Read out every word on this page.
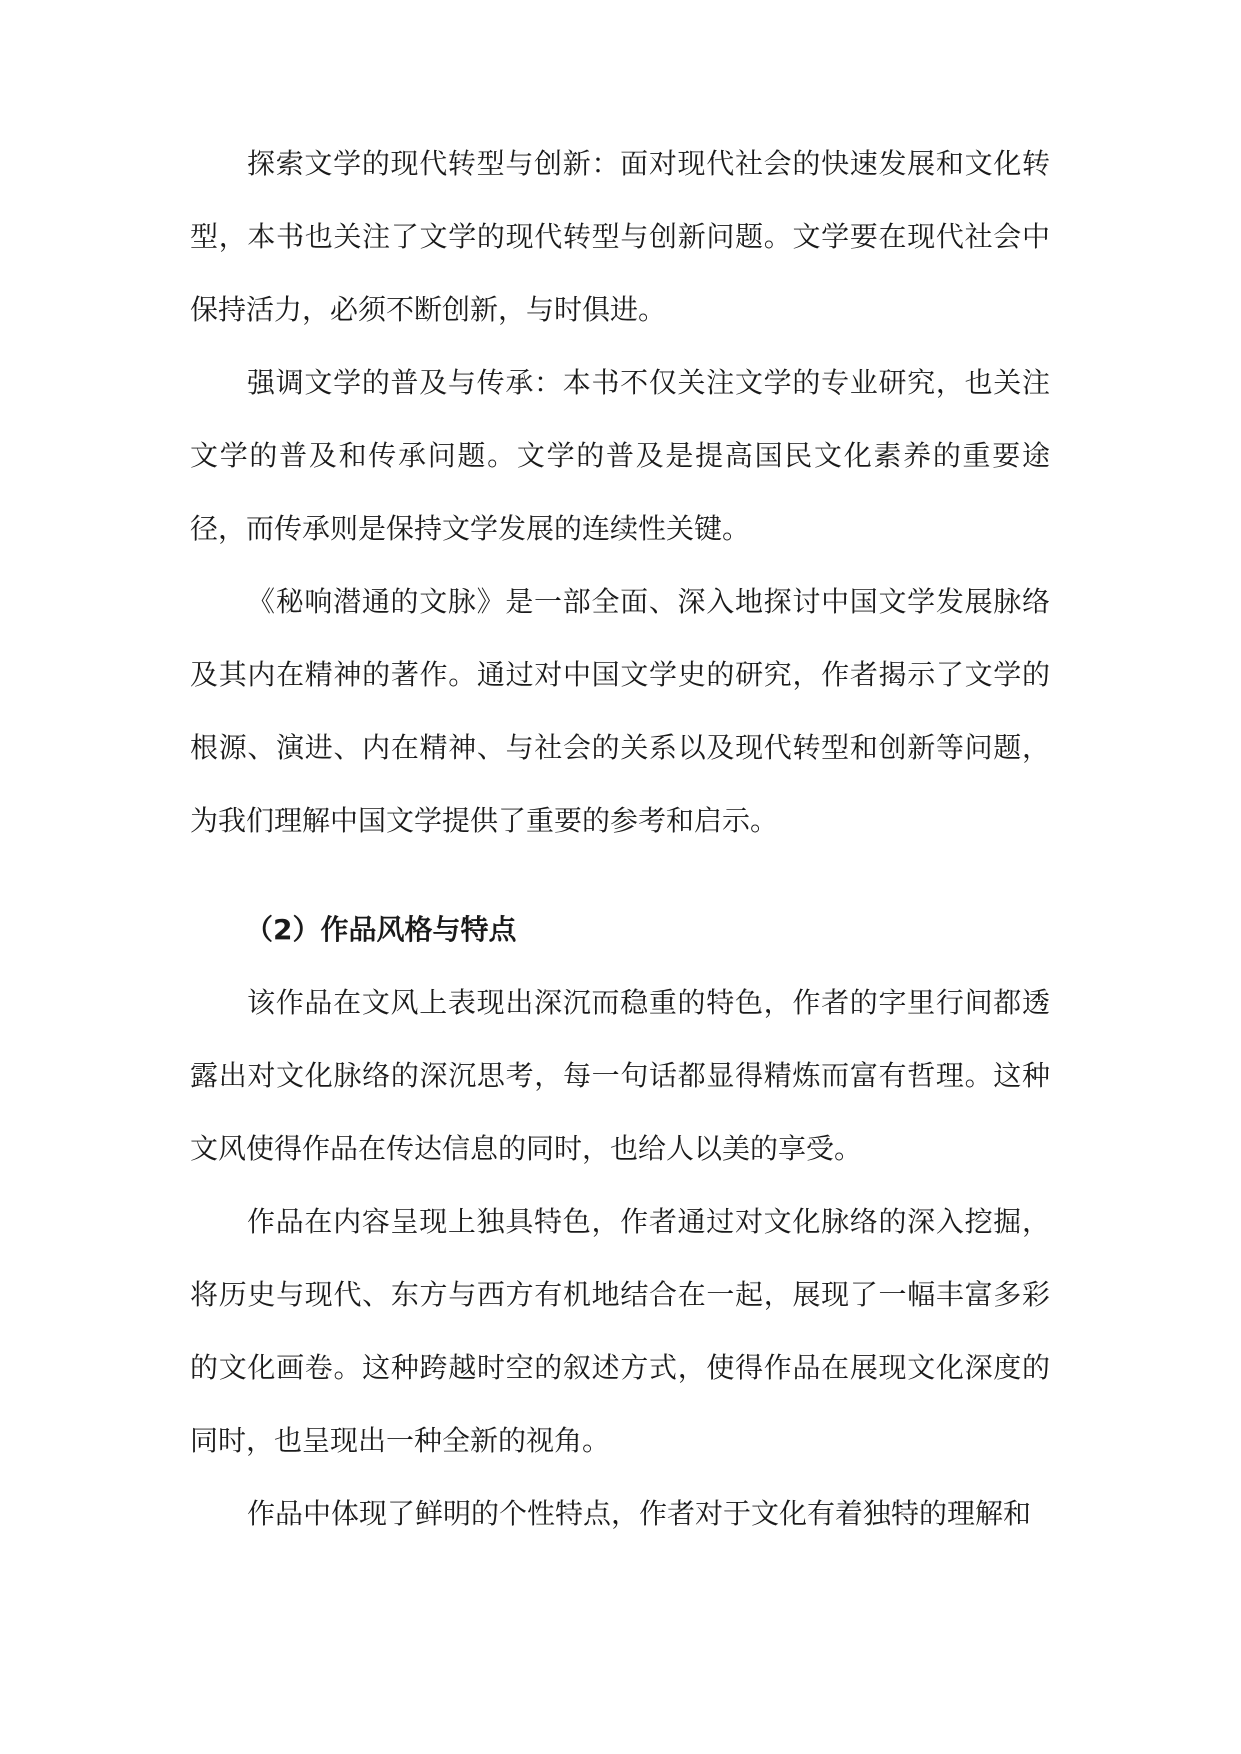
探索文学的现代转型与创新：面对现代社会的快速发展和文化转型，本书也关注了文学的现代转型与创新问题。文学要在现代社会中保持活力，必须不断创新，与时俱进。

强调文学的普及与传承：本书不仅关注文学的专业研究，也关注文学的普及和传承问题。文学的普及是提高国民文化素养的重要途径，而传承则是保持文学发展的连续性关键。

《秘响潜通的文脉》是一部全面、深入地探讨中国文学发展脉络及其内在精神的著作。通过对中国文学史的研究，作者揭示了文学的根源、演进、内在精神、与社会的关系以及现代转型和创新等问题，为我们理解中国文学提供了重要的参考和启示。

（2）作品风格与特点

该作品在文风上表现出深沉而稳重的特色，作者的字里行间都透露出对文化脉络的深沉思考，每一句话都显得精炼而富有哲理。这种文风使得作品在传达信息的同时，也给人以美的享受。

作品在内容呈现上独具特色，作者通过对文化脉络的深入挖掘，将历史与现代、东方与西方有机地结合在一起，展现了一幅丰富多彩的文化画卷。这种跨越时空的叙述方式，使得作品在展现文化深度的同时，也呈现出一种全新的视角。

作品中体现了鲜明的个性特点，作者对于文化有着独特的理解和
